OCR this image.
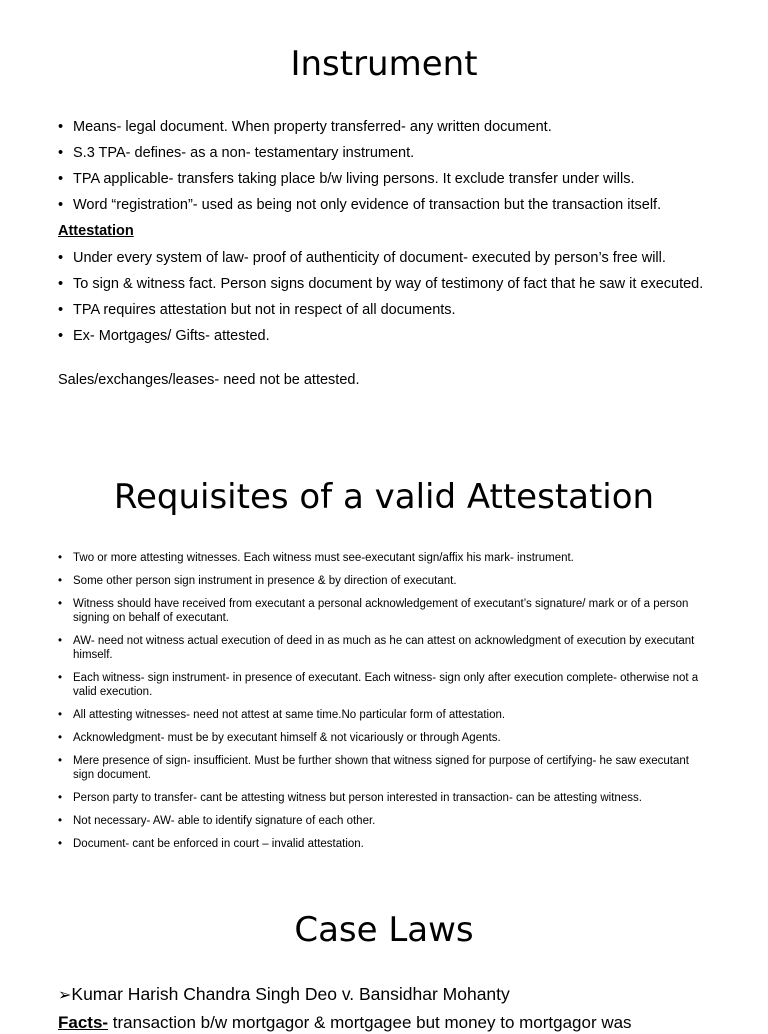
Instrument
• Means- legal document. When property transferred- any written document.
• S.3 TPA- defines- as a non- testamentary instrument.
• TPA applicable- transfers taking place b/w living persons. It exclude transfer under wills.
• Word “registration”- used as being not only evidence of transaction but the transaction itself.
Attestation
• Under every system of law- proof of authenticity of document- executed by person’s free will.
• To sign & witness fact. Person signs document by way of testimony of fact that he saw it executed.
• TPA requires attestation but not in respect of all documents.
• Ex- Mortgages/ Gifts- attested.
Sales/exchanges/leases- need not be attested.
Requisites of a valid Attestation
• Two or more attesting witnesses. Each witness must see-executant sign/affix his mark- instrument.
• Some other person sign instrument in presence & by direction of executant.
• Witness should have received from executant a personal acknowledgement of executant’s signature/ mark or of a person signing on behalf of executant.
• AW- need not witness actual execution of deed in as much as he can attest on acknowledgment of execution by executant himself.
• Each witness- sign instrument- in presence of executant. Each witness- sign only after execution complete- otherwise not a valid execution.
• All attesting witnesses- need not attest at same time.No particular form of attestation.
• Acknowledgment- must be by executant himself & not vicariously or through Agents.
• Mere presence of sign- insufficient. Must be further shown that witness signed for purpose of certifying- he saw executant sign document.
• Person party to transfer- cant be attesting witness but person interested in transaction- can be attesting witness.
• Not necessary- AW- able to identify signature of each other.
• Document- cant be enforced in court – invalid attestation.
Case Laws
➢Kumar Harish Chandra Singh Deo v. Bansidhar Mohanty
Facts- transaction b/w mortgagor & mortgagee but money to mortgagor was
